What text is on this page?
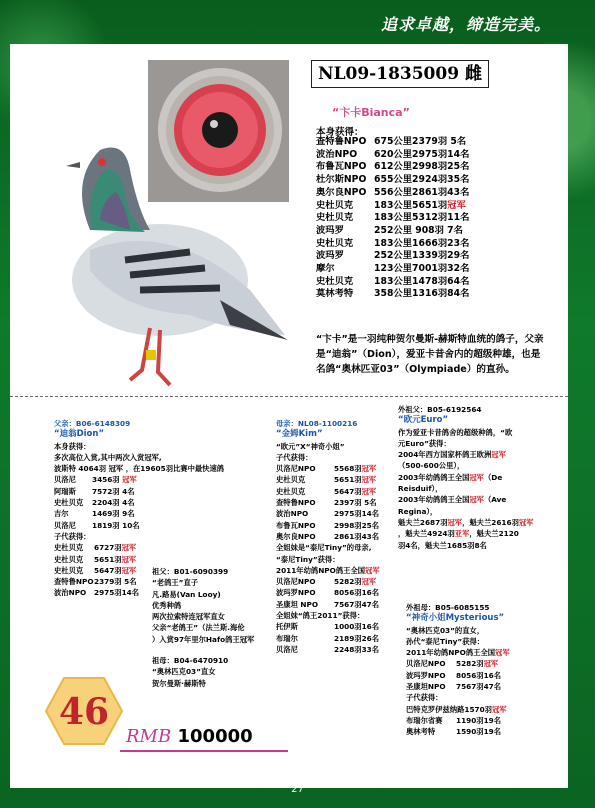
追求卓越，缔造完美。
NL09-1835009 雌
“卞卡Bianca”
本身获得：
查特鲁NPO 675公里2379羽 5名
波治NPO 620公里2975羽14名
布鲁瓦NPO 612公里2998羽25名
杜尔斯NPO 655公里2924羽35名
奥尔良NPO 556公里2861羽43名
史杜贝克 183公里5651羽冠军
史杜贝克 183公里5312羽11名
波玛罗	252公里 908羽 7名
史杜贝克 183公里1666羽23名
波玛罗	252公里1339羽29名
摩尔	123公里7001羽32名
史杜贝克 183公里1478羽64名
莫林考特 358公里1316羽84名
“卞卡”是一羽纯种贺尔曼斯-赫斯特血统的鸽子，父亲是“迪翁”（Dion），爱亚卡昔舍内的超级种雄，也是名鸽“奥林匹亚03”（Olympiade）的直孙。
父亲：B06-6148309
“迪翁Dion”
本身获得：
多次高位入赏,其中两次入赏冠军,
波斯特 4064羽 冠军 ，在19605羽比赛中最快速鸽
贝洛尼 3456羽 冠军
阿瑞斯 7572羽 4名
史杜贝克 2204羽 4名
吉尔	1469羽 9名
贝洛尼 1819羽 10名
子代获得：
史杜贝克 6727羽冠军
史杜贝克 5651羽冠军
史杜贝克 5647羽冠军
查特鲁NPO2379羽 5名
波治NPO 2975羽14名
祖父：B01-6090399
“老鸽王”直子
凡.路易(Van Looy)
优秀种鸽
两次拉索特连冠军直女
父亲“老鸽王”（法兰斯.海伦
）入赏97年里尔Hafo鸽王冠军
祖母：B04-6470910
“奥林匹克03”直女
贺尔曼斯·赫斯特
母亲：NL08-1100216
“金姆Kim”
“欧元”X“神奇小姐”
子代获得：
贝洛尼NPO	5568羽冠军
史杜贝克	5651羽冠军
史杜贝克	5647羽冠军
查特鲁NPO	2397羽 5名
波治NPO	2975羽14名
布鲁瓦NPO	2998羽25名
奥尔良NPO	2861羽43名
全姐妹是“泰尼Tiny”的母亲,
“泰尼Tiny”获得：
2011年幼鸽NPO鸽王全国冠军
贝洛尼NPO	5282羽冠军
波玛罗NPO	8056羽16名
圣康坦 NPO 7567羽47名
全姐妹“鸽王2011”获得：
托伊斯	1000羽16名
布瑞尔	2189羽26名
贝洛尼	2248羽33名
外祖父：B05-6192564
“欧元Euro”
作为爱亚卡昔鸽舍的超级种鸽，“欧
元Euro”获得：
2004年西方国家杯鸽王欧洲冠军
（500-600公里），
2003年幼鸽鸽王全国冠军（De
Reisduif），
2003年幼鸽鸽王全国冠军（Ave
Regina），
魁夫兰2687羽冠军，魁夫兰2616羽冠军
，魁夫兰4924羽亚军，魁夫兰2120
羽4名，魁夫兰1685羽8名
外祖母：B05-6085155
“神奇小姐Mysterious”
“奥林匹克03”的直女，
孙代“泰尼Tiny”获得：
2011年幼鸽NPO鸽王全国冠军
贝洛尼NPO 5282羽冠军
波玛罗NPO 8056羽16名
圣康坦NPO 7567羽47名
子代获得：
巴特克罗伊兹纳路1570羽冠军
布瑞尔省赛 1190羽19名
奥林考特	1590羽19名
46
RMB 100000
27
